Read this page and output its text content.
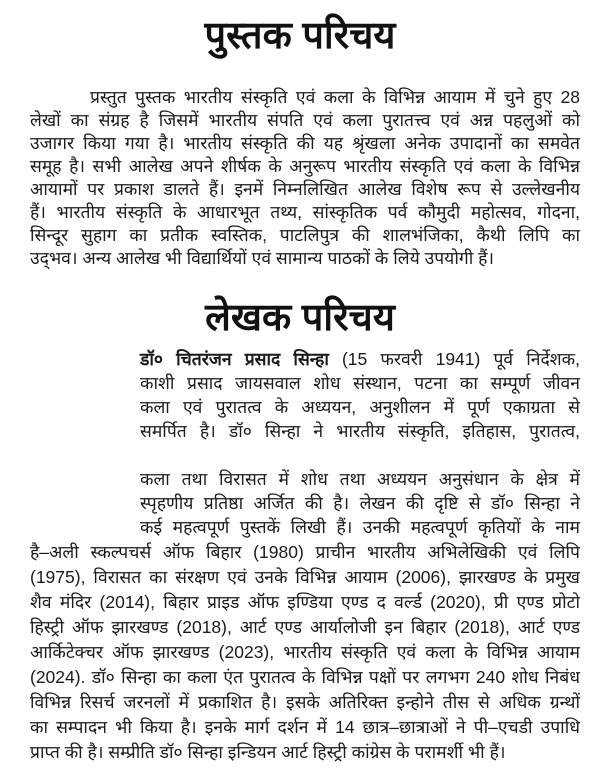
पुस्तक परिचय
प्रस्तुत पुस्तक भारतीय संस्कृति एवं कला के विभिन्न आयाम में चुने हुए 28
लेखों का संग्रह है जिसमें भारतीय संपति एवं कला पुरातत्त्व एवं अन्न पहलुओं को
उजागर किया गया है। भारतीय संस्कृति की यह श्रृंखला अनेक उपादानों का समवेत
समूह है। सभी आलेख अपने शीर्षक के अनुरूप भारतीय संस्कृति एवं कला के विभिन्न
आयामों पर प्रकाश डालते हैं। इनमें निम्नलिखित आलेख विशेष रूप से उल्लेखनीय
हैं। भारतीय संस्कृति के आधारभूत तथ्य, सांस्कृतिक पर्व कौमुदी महोत्सव, गोदना,
सिन्दूर सुहाग का प्रतीक स्वस्तिक, पाटलिपुत्र की शालभंजिका, कैथी लिपि का
उद्‌भव। अन्य आलेख भी विद्यार्थियों एवं सामान्य पाठकों के लिये उपयोगी हैं।
लेखक परिचय
डॉ० चितरंजन प्रसाद सिन्हा (15 फरवरी 1941) पूर्व निर्देशक,
काशी प्रसाद जायसवाल शोध संस्थान, पटना का सम्पूर्ण जीवन
कला एवं पुरातत्व के अध्ययन, अनुशीलन में पूर्ण एकाग्रता से
समर्पित है। डॉ० सिन्हा ने भारतीय संस्कृति, इतिहास, पुरातत्व,
कला तथा विरासत में शोध तथा अध्ययन अनुसंधान के क्षेत्र में
स्पृहणीय प्रतिष्ठा अर्जित की है। लेखन की दृष्टि से डॉ० सिन्हा ने
कई महत्वपूर्ण पुस्तकें लिखी हैं। उनकी महत्वपूर्ण कृतियों के नाम
है–अली स्कल्पचर्स ऑफ बिहार (1980) प्राचीन भारतीय अभिलेखिकी एवं लिपि
(1975), विरासत का संरक्षण एवं उनके विभिन्न आयाम (2006), झारखण्ड के प्रमुख
शैव मंदिर (2014), बिहार प्राइड ऑफ इण्डिया एण्ड द वर्ल्ड (2020), प्री एण्ड प्रोटो
हिस्ट्री ऑफ झारखण्ड (2018), आर्ट एण्ड आर्यालोजी इन बिहार (2018), आर्ट एण्ड
आर्किटेक्चर ऑफ झारखण्ड (2023), भारतीय संस्कृति एवं कला के विभिन्न आयाम
(2024). डॉ० सिन्हा का कला एंत पुरातत्व के विभिन्न पक्षों पर लगभग 240 शोध निबंध
विभिन्न रिसर्च जरनलों में प्रकाशित है। इसके अतिरिक्त इन्होने तीस से अधिक ग्रन्थों
का सम्पादन भी किया है। इनके मार्ग दर्शन में 14 छात्र–छात्राओं ने पी–एचडी उपाधि
प्राप्त की है। सम्प्रीति डॉ० सिन्हा इन्डियन आर्ट हिस्ट्री कांग्रेस के परामर्शी भी हैं।
